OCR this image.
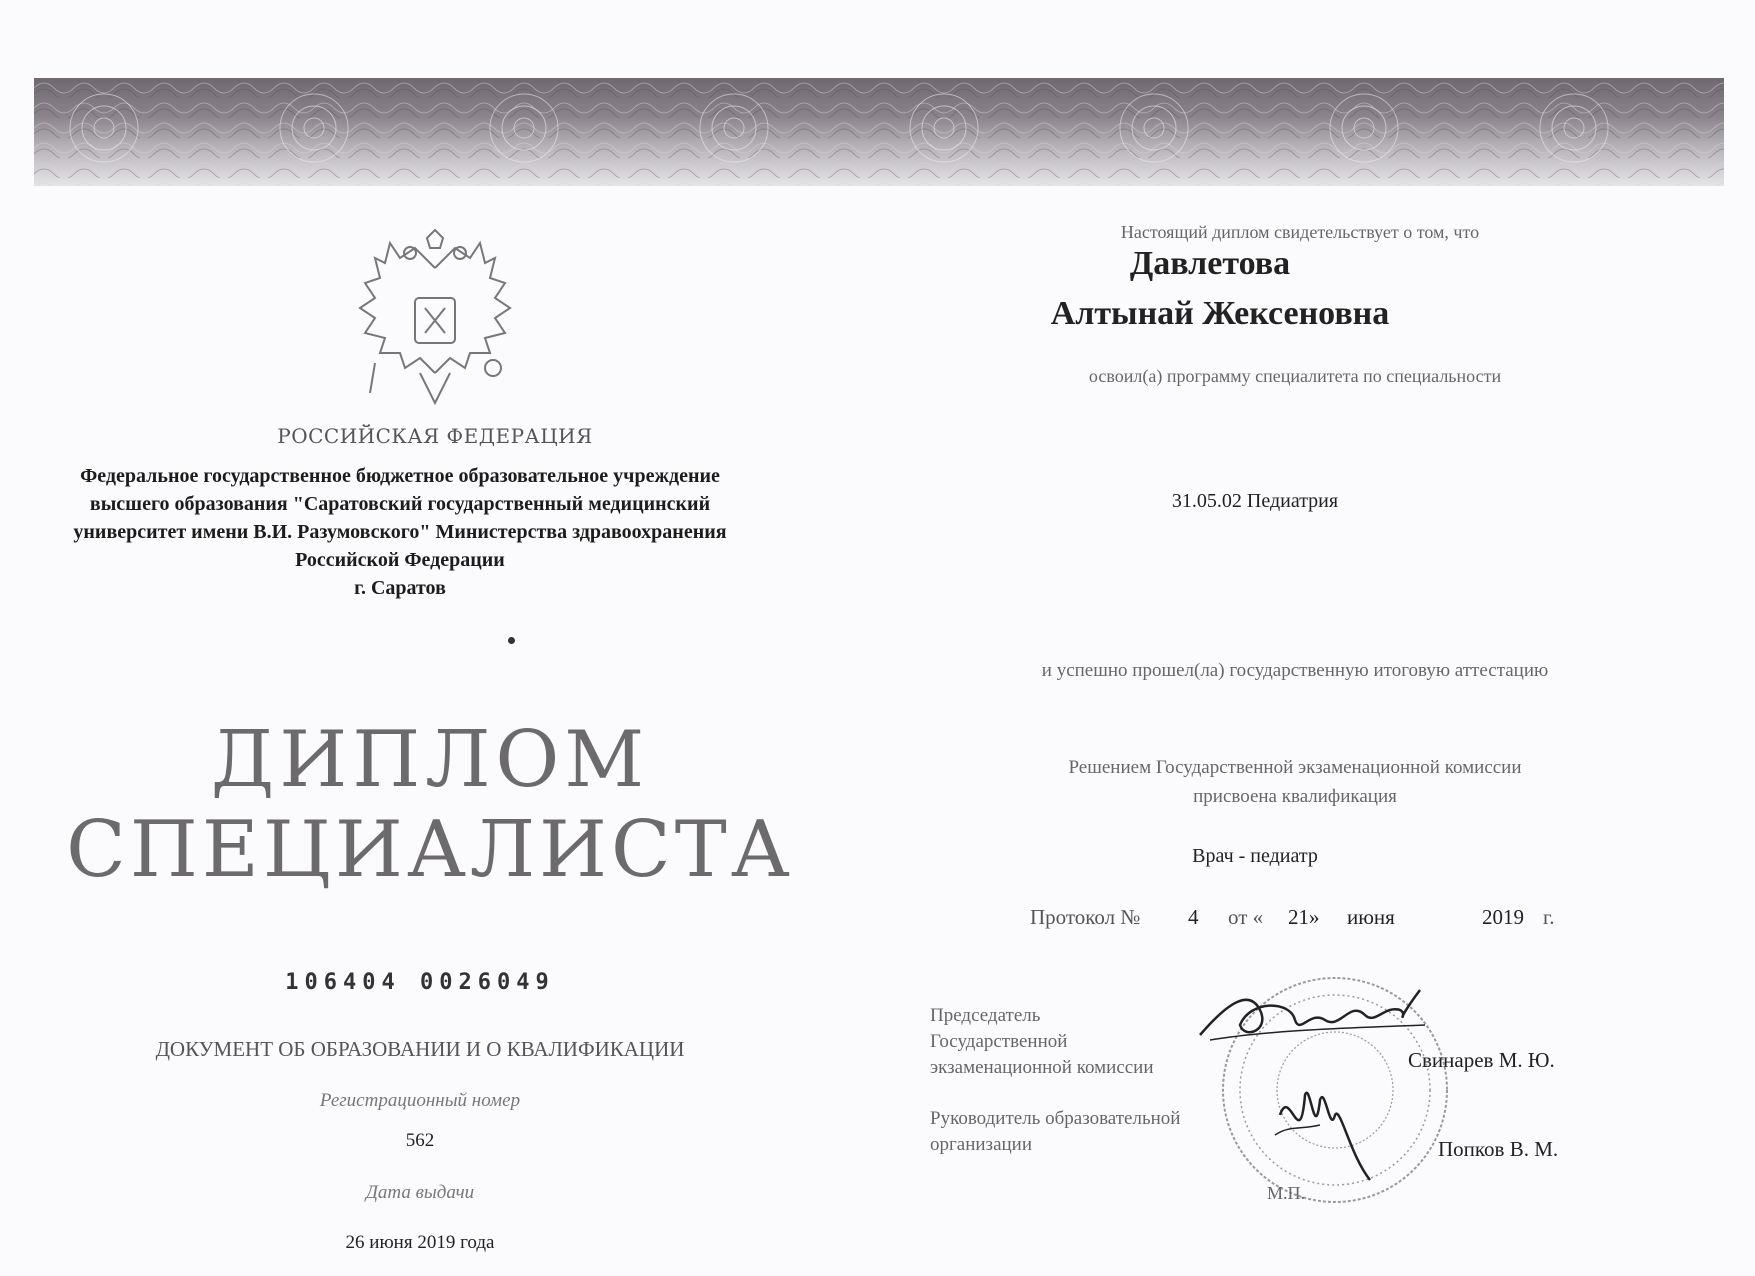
РОССИЙСКАЯ ФЕДЕРАЦИЯ
Федеральное государственное бюджетное образовательное учреждение
высшего образования "Саратовский государственный медицинский
университет имени В.И. Разумовского" Министерства здравоохранения
Российской Федерации
г. Саратов
ДИПЛОМ
СПЕЦИАЛИСТА
106404 0026049
ДОКУМЕНТ ОБ ОБРАЗОВАНИИ И О КВАЛИФИКАЦИИ
Регистрационный номер
562
Дата выдачи
26 июня 2019 года
Настоящий диплом свидетельствует о том, что
Давлетова
Алтынай Жексеновна
освоил(а) программу специалитета по специальности
31.05.02 Педиатрия
и успешно прошел(ла) государственную итоговую аттестацию
Решением Государственной экзаменационной комиссии
присвоена квалификация
Врач - педиатр
Протокол № 4 от « 21» июня	2019 г.
Председатель
Государственной
экзаменационной комиссии	Свинарев М. Ю.
Руководитель образовательной
организации	Попков В. М.
М.П.
